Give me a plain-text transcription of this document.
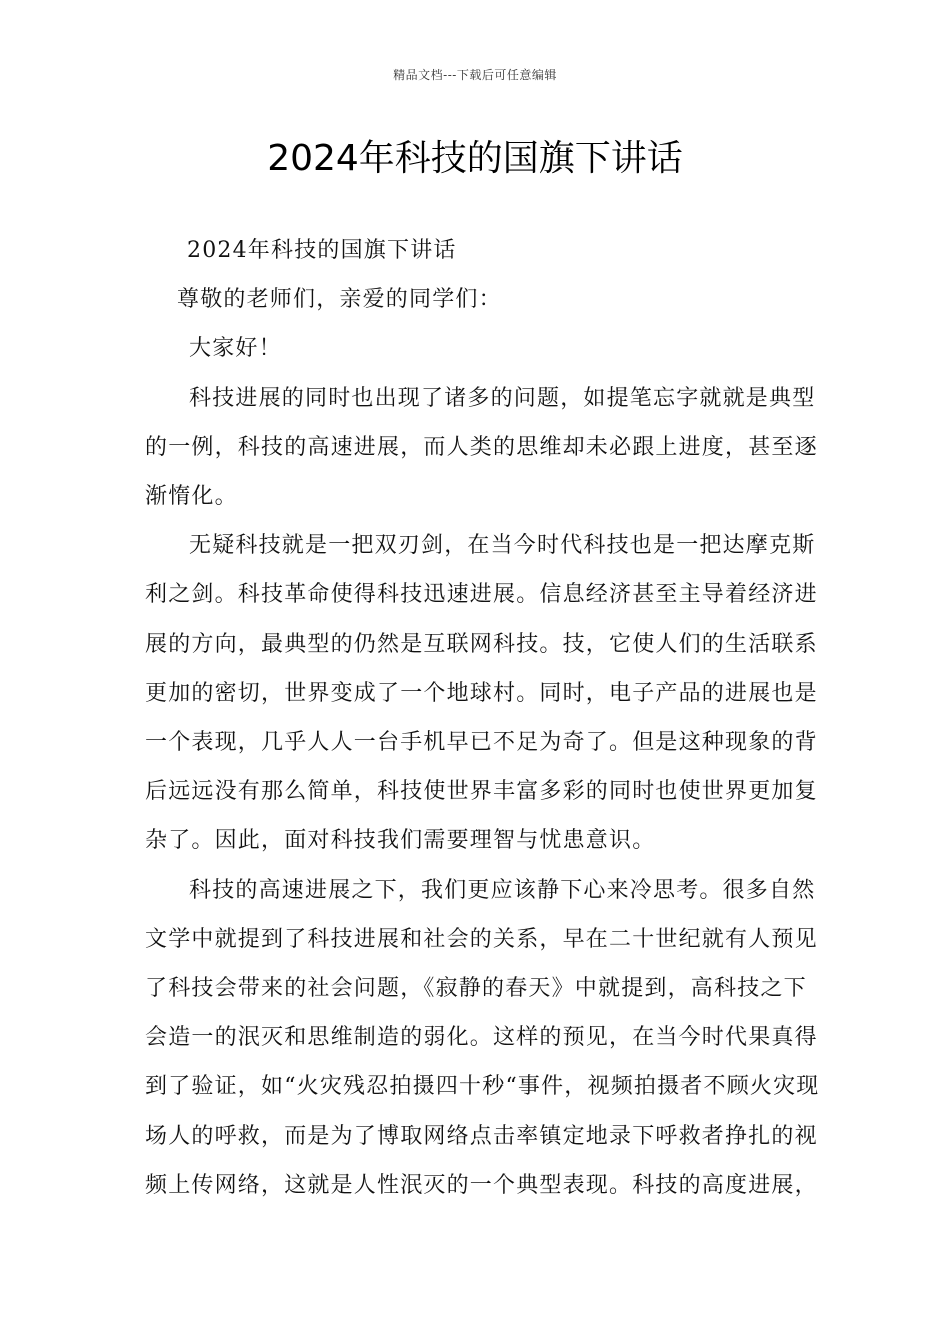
精品文档---下载后可任意编辑
2024年科技的国旗下讲话

2024年科技的国旗下讲话

尊敬的老师们，亲爱的同学们：

大家好！

科技进展的同时也出现了诸多的问题，如提笔忘字就就是典型的一例，科技的高速进展，而人类的思维却未必跟上进度，甚至逐渐惰化。

无疑科技就是一把双刃剑，在当今时代科技也是一把达摩克斯利之剑。科技革命使得科技迅速进展。信息经济甚至主导着经济进展的方向，最典型的仍然是互联网科技。技，它使人们的生活联系更加的密切，世界变成了一个地球村。同时，电子产品的进展也是一个表现，几乎人人一台手机早已不足为奇了。但是这种现象的背后远远没有那么简单，科技使世界丰富多彩的同时也使世界更加复杂了。因此，面对科技我们需要理智与忧患意识。

科技的高速进展之下，我们更应该静下心来冷思考。很多自然文学中就提到了科技进展和社会的关系，早在二十世纪就有人预见了科技会带来的社会问题，《寂静的春天》中就提到，高科技之下会造一的泯灭和思维制造的弱化。这样的预见，在当今时代果真得到了验证，如“火灾残忍拍摄四十秒“事件，视频拍摄者不顾火灾现场人的呼救，而是为了博取网络点击率镇定地录下呼救者挣扎的视频上传网络，这就是人性泯灭的一个典型表现。科技的高度进展，
